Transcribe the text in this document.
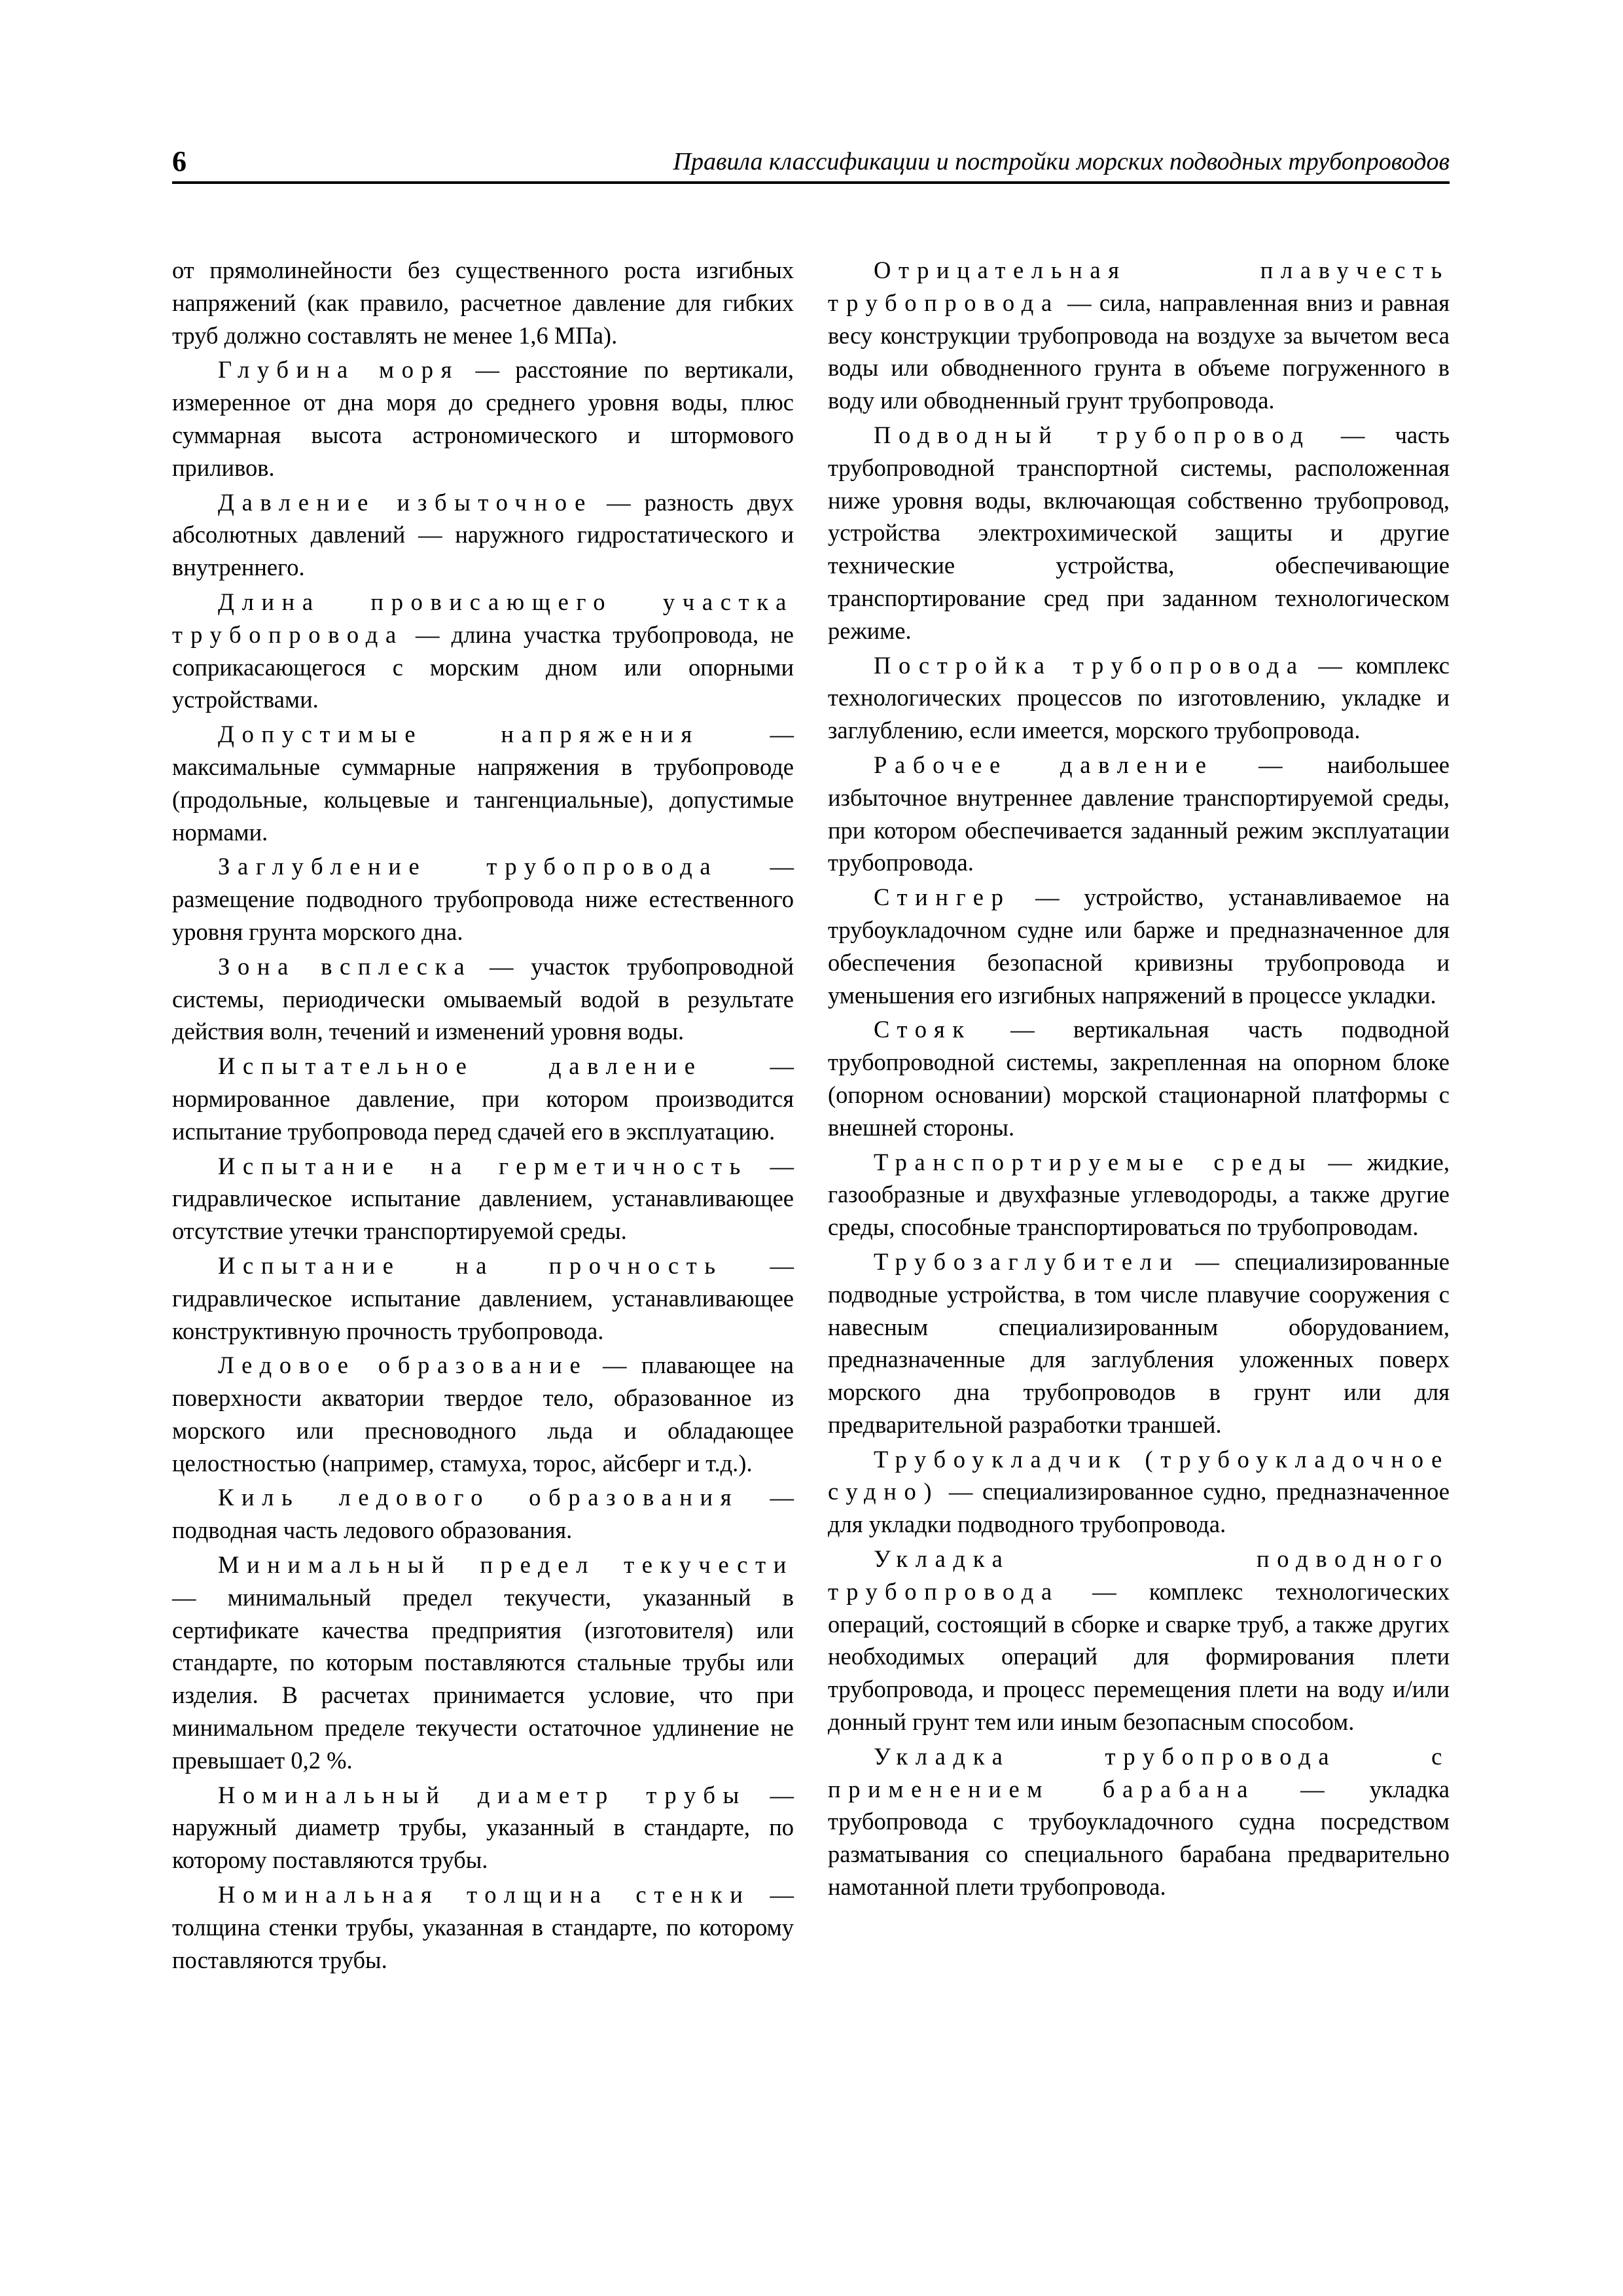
6	Правила классификации и постройки морских подводных трубопроводов

от прямолинейности без существенного роста изгибных напряжений (как правило, расчетное давление для гибких труб должно составлять не менее 1,6 МПа).

Глубина моря — расстояние по вертикали, измеренное от дна моря до среднего уровня воды, плюс суммарная высота астрономического и штормового приливов.

Давление избыточное — разность двух абсолютных давлений — наружного гидростатического и внутреннего.

Длина провисающего участка трубопровода — длина участка трубопровода, не соприкасающегося с морским дном или опорными устройствами.

Допустимые напряжения — максимальные суммарные напряжения в трубопроводе (продольные, кольцевые и тангенциальные), допустимые нормами.

Заглубление трубопровода — размещение подводного трубопровода ниже естественного уровня грунта морского дна.

Зона всплеска — участок трубопроводной системы, периодически омываемый водой в результате действия волн, течений и изменений уровня воды.

Испытательное давление — нормированное давление, при котором производится испытание трубопровода перед сдачей его в эксплуатацию.

Испытание на герметичность — гидравлическое испытание давлением, устанавливающее отсутствие утечки транспортируемой среды.

Испытание на прочность — гидравлическое испытание давлением, устанавливающее конструктивную прочность трубопровода.

Ледовое образование — плавающее на поверхности акватории твердое тело, образованное из морского или пресноводного льда и обладающее целостностью (например, стамуха, торос, айсберг и т.д.).

Киль ледового образования — подводная часть ледового образования.

Минимальный предел текучести — минимальный предел текучести, указанный в сертификате качества предприятия (изготовителя) или стандарте, по которым поставляются стальные трубы или изделия. В расчетах принимается условие, что при минимальном пределе текучести остаточное удлинение не превышает 0,2 %.

Номинальный диаметр трубы — наружный диаметр трубы, указанный в стандарте, по которому поставляются трубы.

Номинальная толщина стенки — толщина стенки трубы, указанная в стандарте, по которому поставляются трубы.

Отрицательная плавучесть трубопровода — сила, направленная вниз и равная весу конструкции трубопровода на воздухе за вычетом веса воды или обводненного грунта в объеме погруженного в воду или обводненный грунт трубопровода.

Подводный трубопровод — часть трубопроводной транспортной системы, расположенная ниже уровня воды, включающая собственно трубопровод, устройства электрохимической защиты и другие технические устройства, обеспечивающие транспортирование сред при заданном технологическом режиме.

Постройка трубопровода — комплекс технологических процессов по изготовлению, укладке и заглублению, если имеется, морского трубопровода.

Рабочее давление — наибольшее избыточное внутреннее давление транспортируемой среды, при котором обеспечивается заданный режим эксплуатации трубопровода.

Стингер — устройство, устанавливаемое на трубоукладочном судне или барже и предназначенное для обеспечения безопасной кривизны трубопровода и уменьшения его изгибных напряжений в процессе укладки.

Стояк — вертикальная часть подводной трубопроводной системы, закрепленная на опорном блоке (опорном основании) морской стационарной платформы с внешней стороны.

Транспортируемые среды — жидкие, газообразные и двухфазные углеводороды, а также другие среды, способные транспортироваться по трубопроводам.

Трубозаглубители — специализированные подводные устройства, в том числе плавучие сооружения с навесным специализированным оборудованием, предназначенные для заглубления уложенных поверх морского дна трубопроводов в грунт или для предварительной разработки траншей.

Трубоукладчик (трубоукладочное судно) — специализированное судно, предназначенное для укладки подводного трубопровода.

Укладка подводного трубопровода — комплекс технологических операций, состоящий в сборке и сварке труб, а также других необходимых операций для формирования плети трубопровода, и процесс перемещения плети на воду и/или донный грунт тем или иным безопасным способом.

Укладка трубопровода с применением барабана — укладка трубопровода с трубоукладочного судна посредством разматывания со специального барабана предварительно намотанной плети трубопровода.
